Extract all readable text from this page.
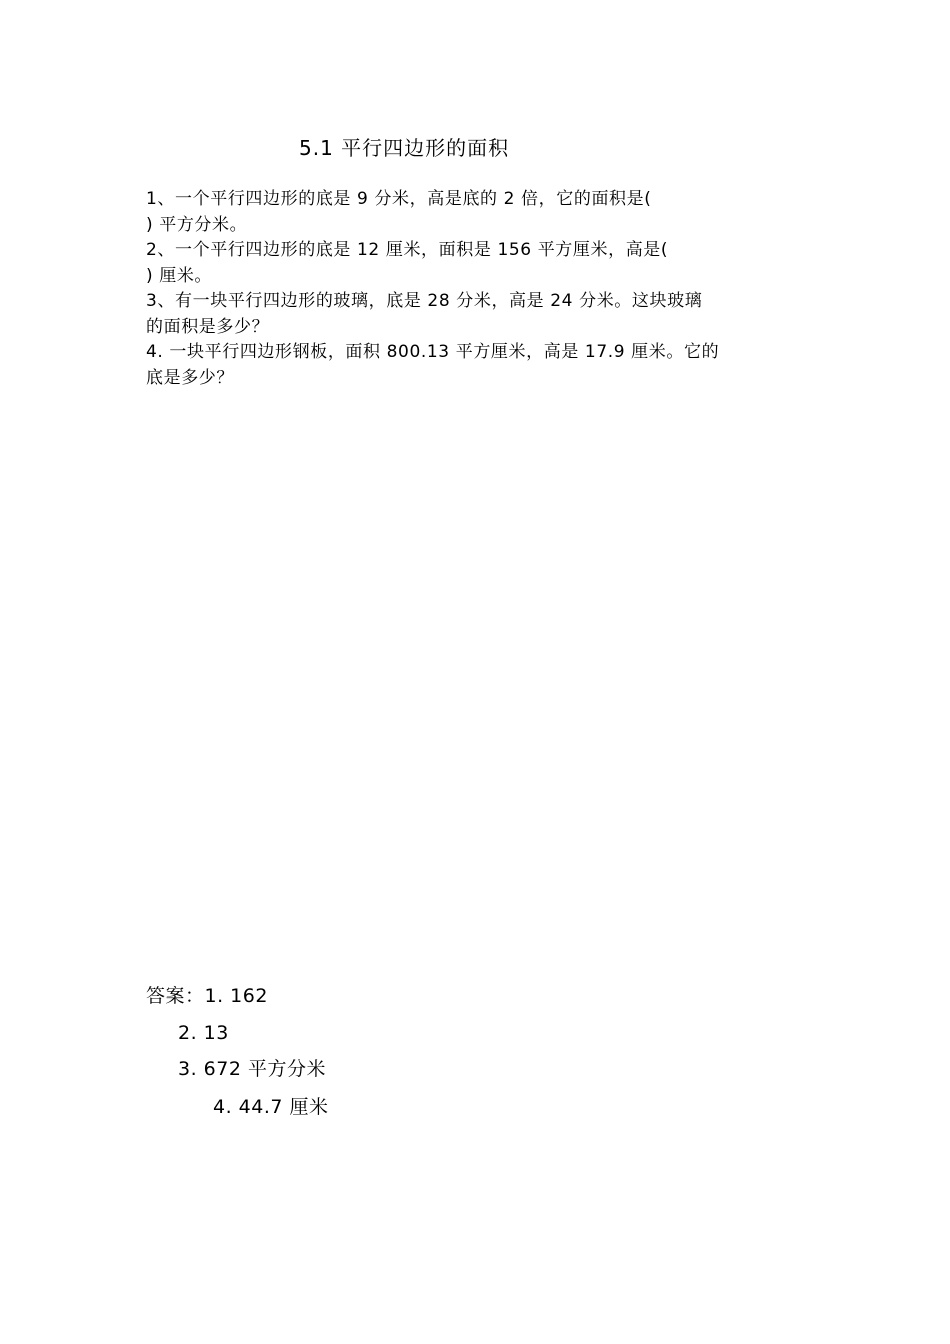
5.1 平行四边形的面积
1、一个平行四边形的底是 9 分米，高是底的 2 倍，它的面积是(
) 平方分米。
2、一个平行四边形的底是 12 厘米，面积是 156 平方厘米，高是(
) 厘米。
3、有一块平行四边形的玻璃，底是 28 分米，高是 24 分米。这块玻璃
的面积是多少？
4. 一块平行四边形钢板，面积 800.13 平方厘米，高是 17.9 厘米。它的
底是多少？
答案：1. 162
2. 13
3. 672 平方分米
4. 44.7 厘米
